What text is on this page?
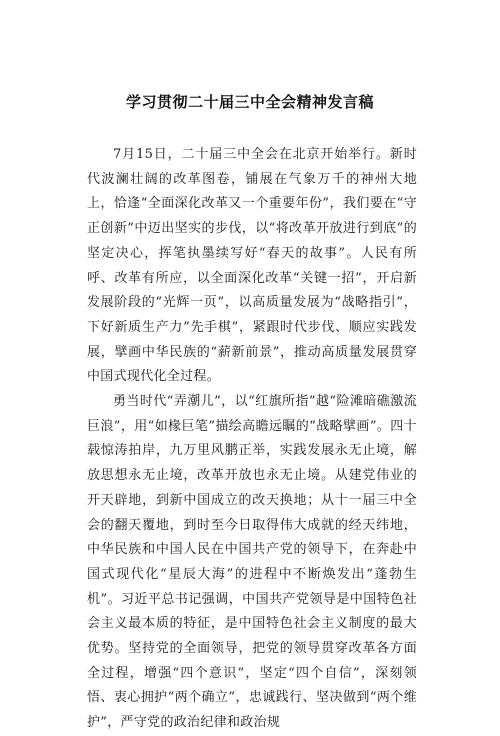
学习贯彻二十届三中全会精神发言稿

7月15日，二十届三中全会在北京开始举行。新时代波澜壮阔的改革图卷，铺展在气象万千的神州大地上，恰逢“全面深化改革又一个重要年份”，我们要在“守正创新”中迈出坚实的步伐，以“将改革开放进行到底”的坚定决心，挥笔执墨续写好“春天的故事”。人民有所呼、改革有所应，以全面深化改革“关键一招”，开启新发展阶段的“光辉一页”，以高质量发展为“战略指引”，下好新质生产力”先手棋”，紧跟时代步伐、顺应实践发展，擘画中华民族的“薪新前景”，推动高质量发展贯穿中国式现代化全过程。

勇当时代“弄潮儿”，以“红旗所指”越“险滩暗礁激流巨浪”，用“如椽巨笔”描绘高瞻远瞩的“战略擘画”。四十载惊涛拍岸，九万里风鹏正举，实践发展永无止境，解放思想永无止境，改革开放也永无止境。从建党伟业的开天辟地，到新中国成立的改天换地；从十一届三中全会的翻天覆地，到时至今日取得伟大成就的经天纬地，中华民族和中国人民在中国共产党的领导下，在奔赴中国式现代化“星辰大海”的进程中不断焕发出“蓬勃生机”。习近平总书记强调，中国共产党领导是中国特色社会主义最本质的特征，是中国特色社会主义制度的最大优势。坚持党的全面领导，把党的领导贯穿改革各方面全过程，增强“四个意识”，坚定“四个自信”，深刻领悟、衷心拥护“两个确立”，忠诚践行、坚决做到“两个维护”，严守党的政治纪律和政治规
